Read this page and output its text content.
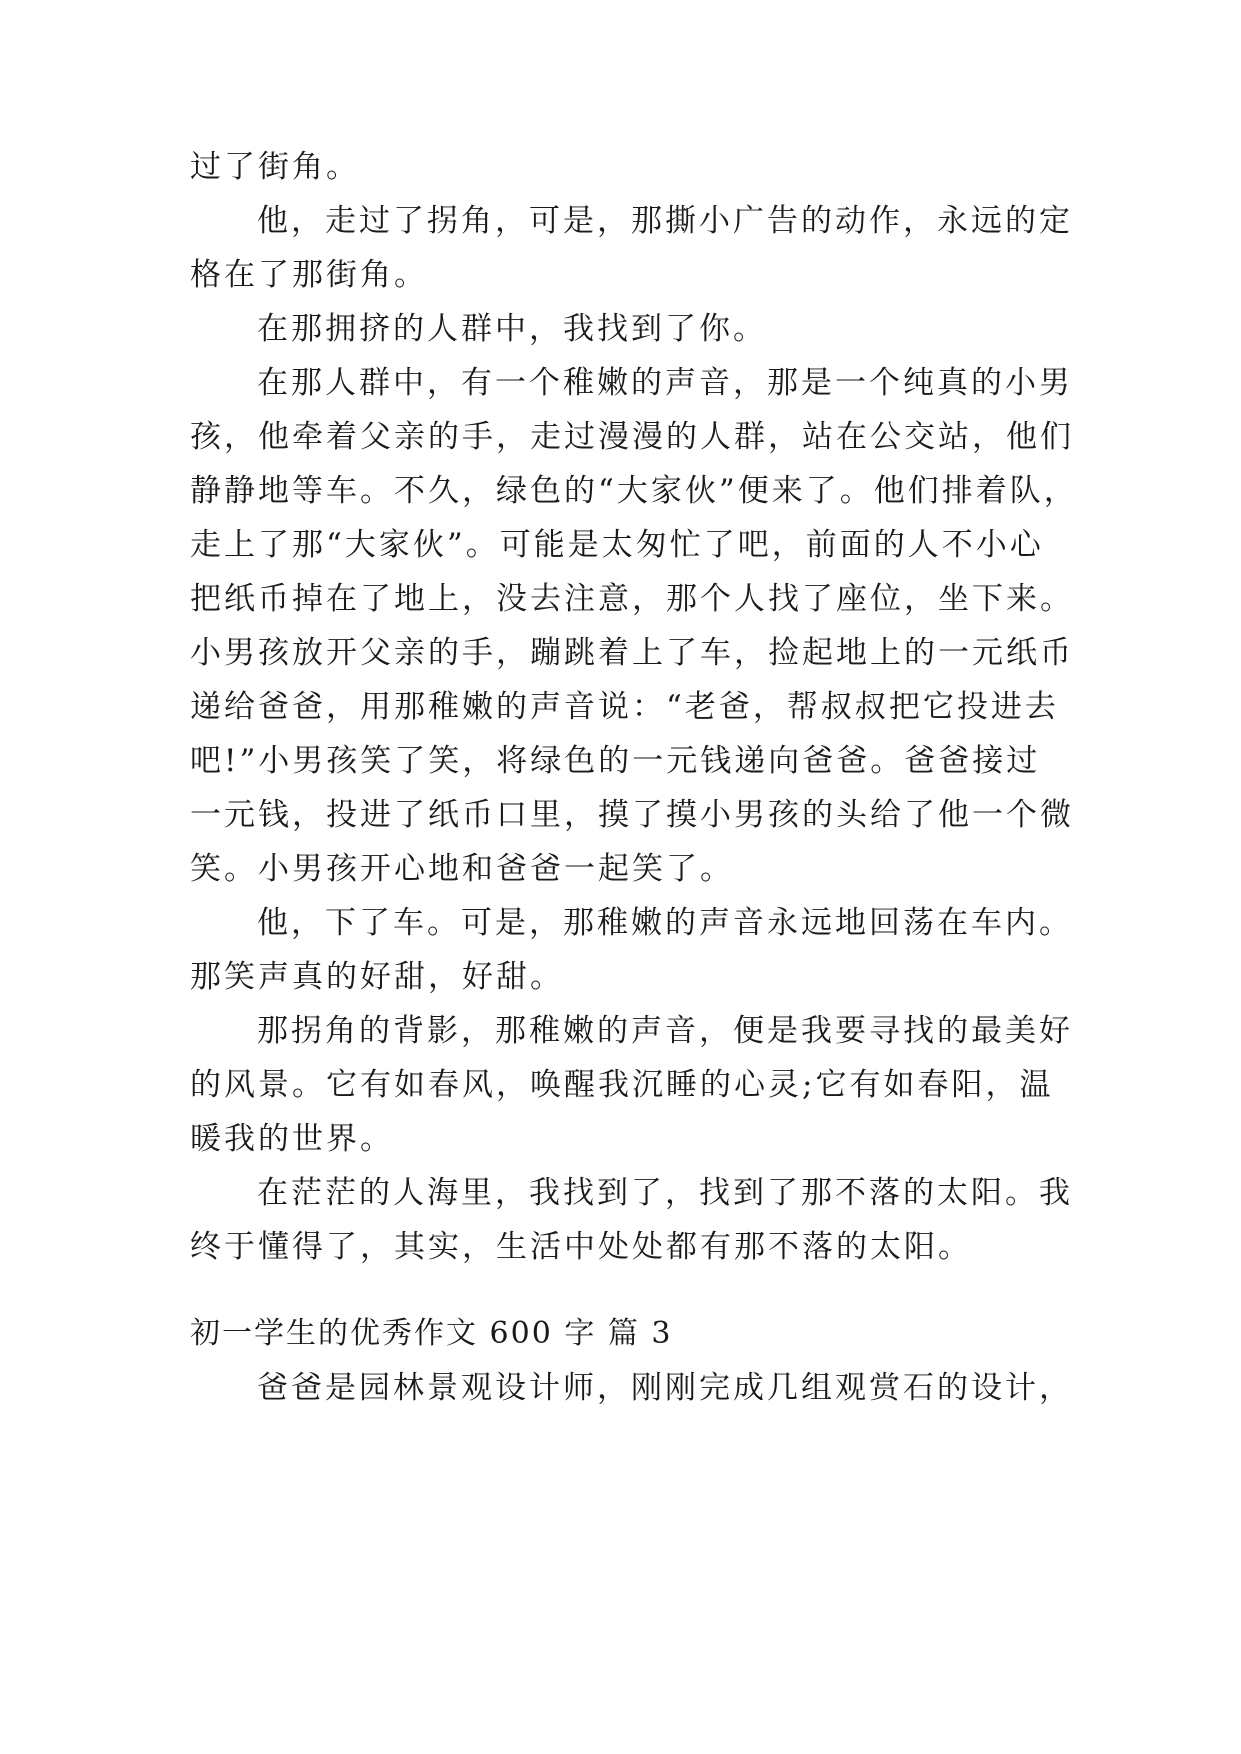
过了街角。
他，走过了拐角，可是，那撕小广告的动作，永远的定
格在了那街角。
在那拥挤的人群中，我找到了你。
在那人群中，有一个稚嫩的声音，那是一个纯真的小男
孩，他牵着父亲的手，走过漫漫的人群，站在公交站，他们
静静地等车。不久，绿色的“大家伙”便来了。他们排着队，
走上了那“大家伙”。可能是太匆忙了吧，前面的人不小心
把纸币掉在了地上，没去注意，那个人找了座位，坐下来。
小男孩放开父亲的手，蹦跳着上了车，捡起地上的一元纸币
递给爸爸，用那稚嫩的声音说：“老爸，帮叔叔把它投进去
吧!”小男孩笑了笑，将绿色的一元钱递向爸爸。爸爸接过
一元钱，投进了纸币口里，摸了摸小男孩的头给了他一个微
笑。小男孩开心地和爸爸一起笑了。
他，下了车。可是，那稚嫩的声音永远地回荡在车内。
那笑声真的好甜，好甜。
那拐角的背影，那稚嫩的声音，便是我要寻找的最美好
的风景。它有如春风，唤醒我沉睡的心灵;它有如春阳，温
暖我的世界。
在茫茫的人海里，我找到了，找到了那不落的太阳。我
终于懂得了，其实，生活中处处都有那不落的太阳。
初一学生的优秀作文 600 字 篇 3
爸爸是园林景观设计师，刚刚完成几组观赏石的设计，
